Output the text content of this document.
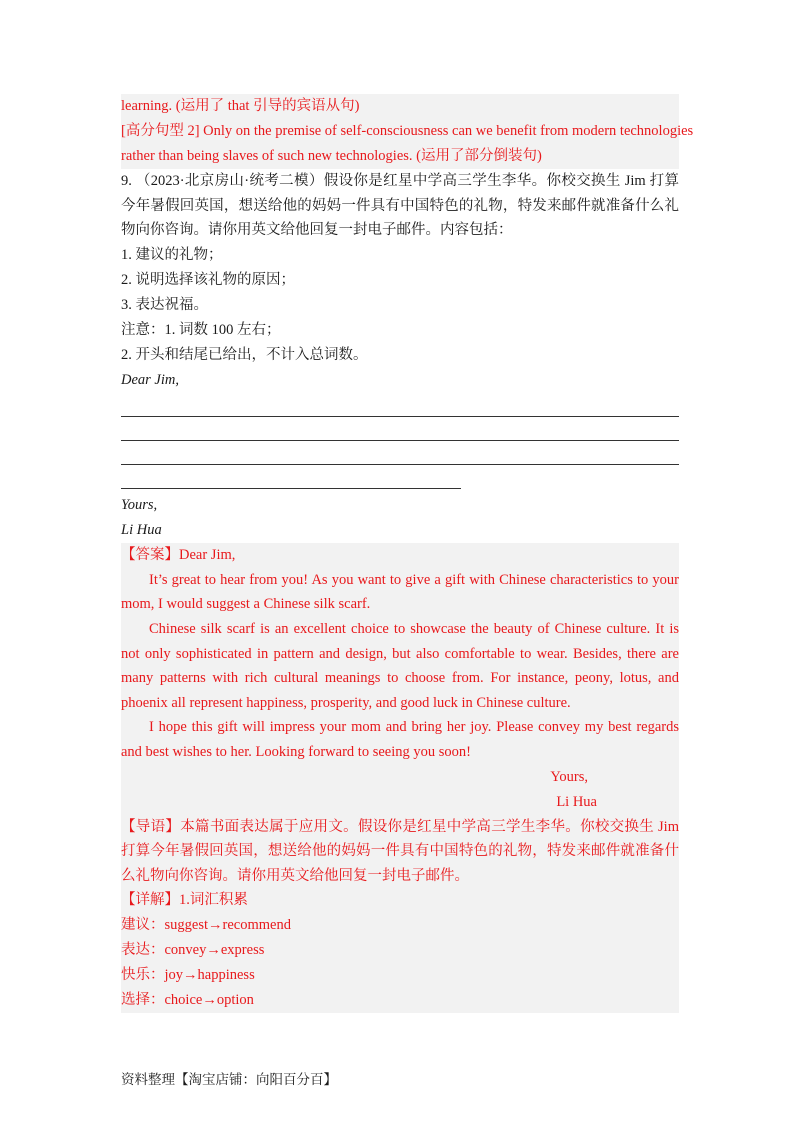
learning. (运用了 that 引导的宾语从句)

[高分句型 2] Only on the premise of self-consciousness can we benefit from modern technologies

rather than being slaves of such new technologies. (运用了部分倒装句)

9. （2023·北京房山·统考二模）假设你是红星中学高三学生李华。你校交换生 Jim 打算今年暑假回英国，想送给他的妈妈一件具有中国特色的礼物，特发来邮件就准备什么礼物向你咨询。请你用英文给他回复一封电子邮件。内容包括：

1. 建议的礼物；

2. 说明选择该礼物的原因；

3. 表达祝福。

注意：1. 词数 100 左右；

2. 开头和结尾已给出，不计入总词数。

Dear Jim,

Yours,

Li Hua

【答案】Dear Jim,

It’s great to hear from you! As you want to give a gift with Chinese characteristics to your mom, I would suggest a Chinese silk scarf.

Chinese silk scarf is an excellent choice to showcase the beauty of Chinese culture. It is not only sophisticated in pattern and design, but also comfortable to wear. Besides, there are many patterns with rich cultural meanings to choose from. For instance, peony, lotus, and phoenix all represent happiness, prosperity, and good luck in Chinese culture.

I hope this gift will impress your mom and bring her joy. Please convey my best regards and best wishes to her. Looking forward to seeing you soon!

Yours,

Li Hua

【导语】本篇书面表达属于应用文。假设你是红星中学高三学生李华。你校交换生 Jim 打算今年暑假回英国，想送给他的妈妈一件具有中国特色的礼物，特发来邮件就准备什么礼物向你咨询。请你用英文给他回复一封电子邮件。

【详解】1.词汇积累

建议：suggest→recommend

表达：convey→express

快乐：joy→happiness

选择：choice→option

资料整理【淘宝店铺：向阳百分百】
